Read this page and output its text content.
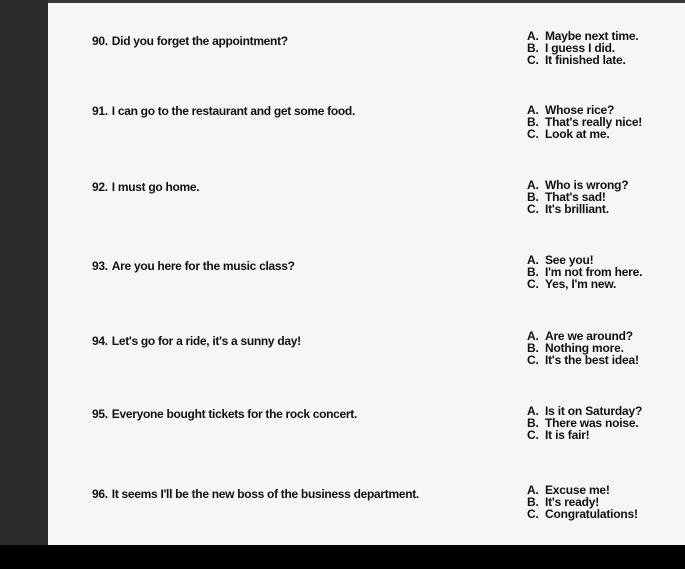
90. Did you forget the appointment?	A. Maybe next time.
B. I guess I did.
C. It finished late.
91. I can go to the restaurant and get some food.	A. Whose rice?
B. That's really nice!
C. Look at me.
92. I must go home.	A. Who is wrong?
B. That's sad!
C. It's brilliant.
93. Are you here for the music class?	A. See you!
B. I'm not from here.
C. Yes, I'm new.
94. Let's go for a ride, it's a sunny day!	A. Are we around?
B. Nothing more.
C. It's the best idea!
95. Everyone bought tickets for the rock concert.	A. Is it on Saturday?
B. There was noise.
C. It is fair!
96. It seems I'll be the new boss of the business department.	A. Excuse me!
B. It's ready!
C. Congratulations!
